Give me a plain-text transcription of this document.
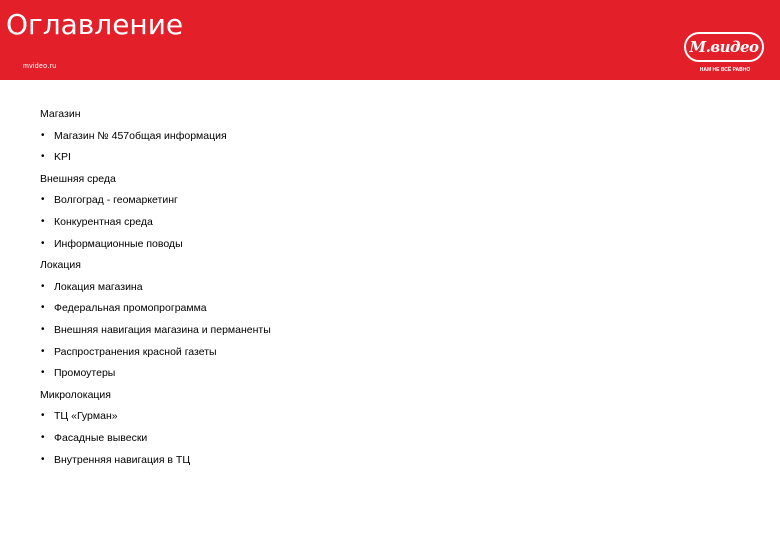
Оглавление
mvideo.ru
М.видео
НАМ НЕ ВСЁ РАВНО
Магазин
• Магазин № 457общая информация
• KPI
Внешняя среда
• Волгоград - геомаркетинг
• Конкурентная среда
• Информационные поводы
Локация
• Локация магазина
• Федеральная промопрограмма
• Внешняя навигация магазина и перманенты
• Распространения красной газеты
• Промоутеры
Микролокация
• ТЦ «Гурман»
• Фасадные вывески
• Внутренняя навигация в ТЦ
